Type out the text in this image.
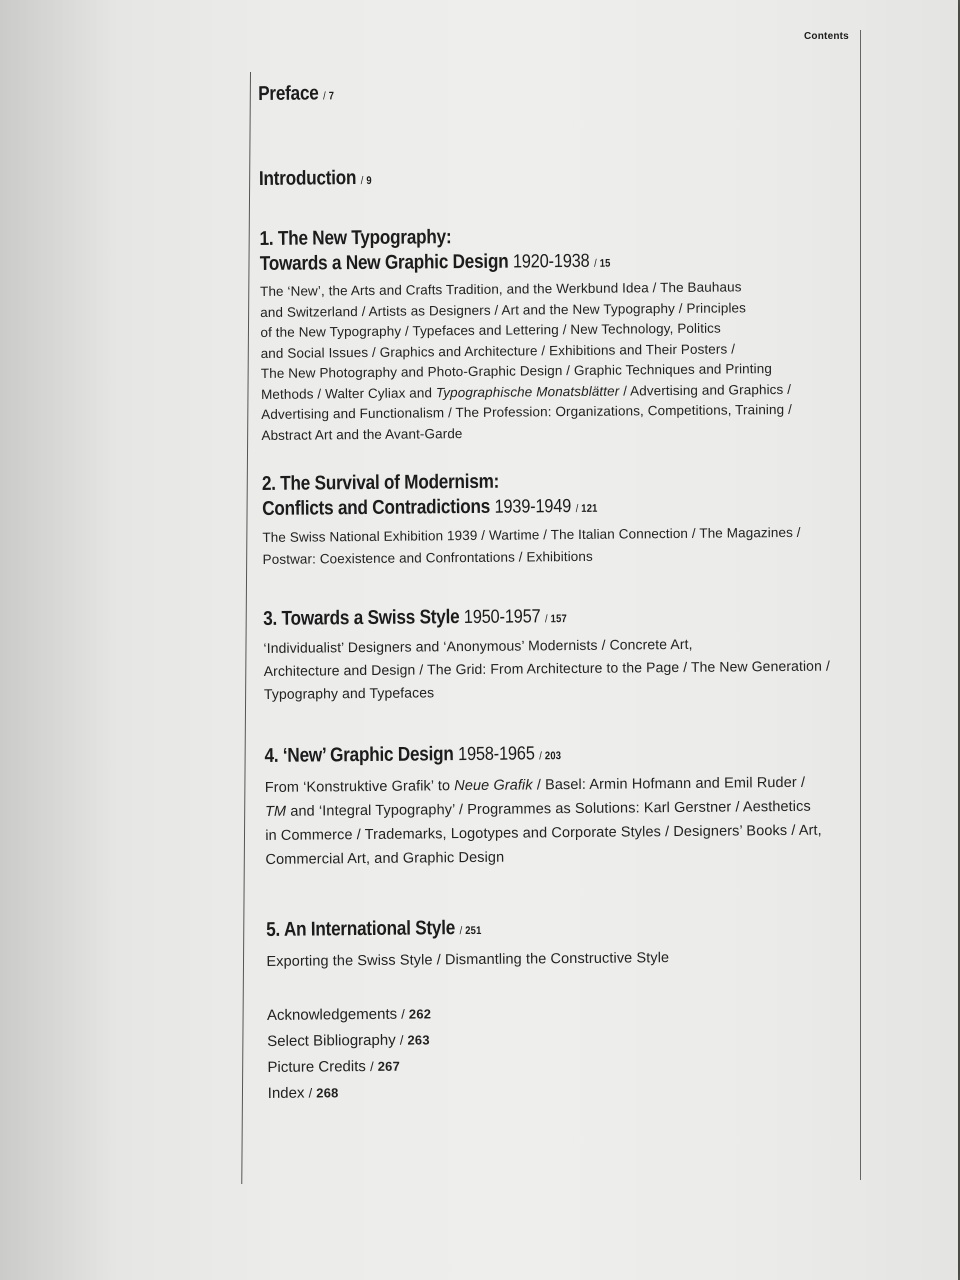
Contents
Preface / 7
Introduction / 9
1. The New Typography:
Towards a New Graphic Design 1920-1938 / 15
The ‘New’, the Arts and Crafts Tradition, and the Werkbund Idea / The Bauhaus
and Switzerland / Artists as Designers / Art and the New Typography / Principles
of the New Typography / Typefaces and Lettering / New Technology, Politics
and Social Issues / Graphics and Architecture / Exhibitions and Their Posters /
The New Photography and Photo-Graphic Design / Graphic Techniques and Printing
Methods / Walter Cyliax and Typographische Monatsblätter / Advertising and Graphics /
Advertising and Functionalism / The Profession: Organizations, Competitions, Training /
Abstract Art and the Avant-Garde
2. The Survival of Modernism:
Conflicts and Contradictions 1939-1949 / 121
The Swiss National Exhibition 1939 / Wartime / The Italian Connection / The Magazines /
Postwar: Coexistence and Confrontations / Exhibitions
3. Towards a Swiss Style 1950-1957 / 157
‘Individualist’ Designers and ‘Anonymous’ Modernists / Concrete Art,
Architecture and Design / The Grid: From Architecture to the Page / The New Generation /
Typography and Typefaces
4. ‘New’ Graphic Design 1958-1965 / 203
From ‘Konstruktive Grafik’ to Neue Grafik / Basel: Armin Hofmann and Emil Ruder /
TM and ‘Integral Typography’ / Programmes as Solutions: Karl Gerstner / Aesthetics
in Commerce / Trademarks, Logotypes and Corporate Styles / Designers’ Books / Art,
Commercial Art, and Graphic Design
5. An International Style / 251
Exporting the Swiss Style / Dismantling the Constructive Style
Acknowledgements / 262
Select Bibliography / 263
Picture Credits / 267
Index / 268
